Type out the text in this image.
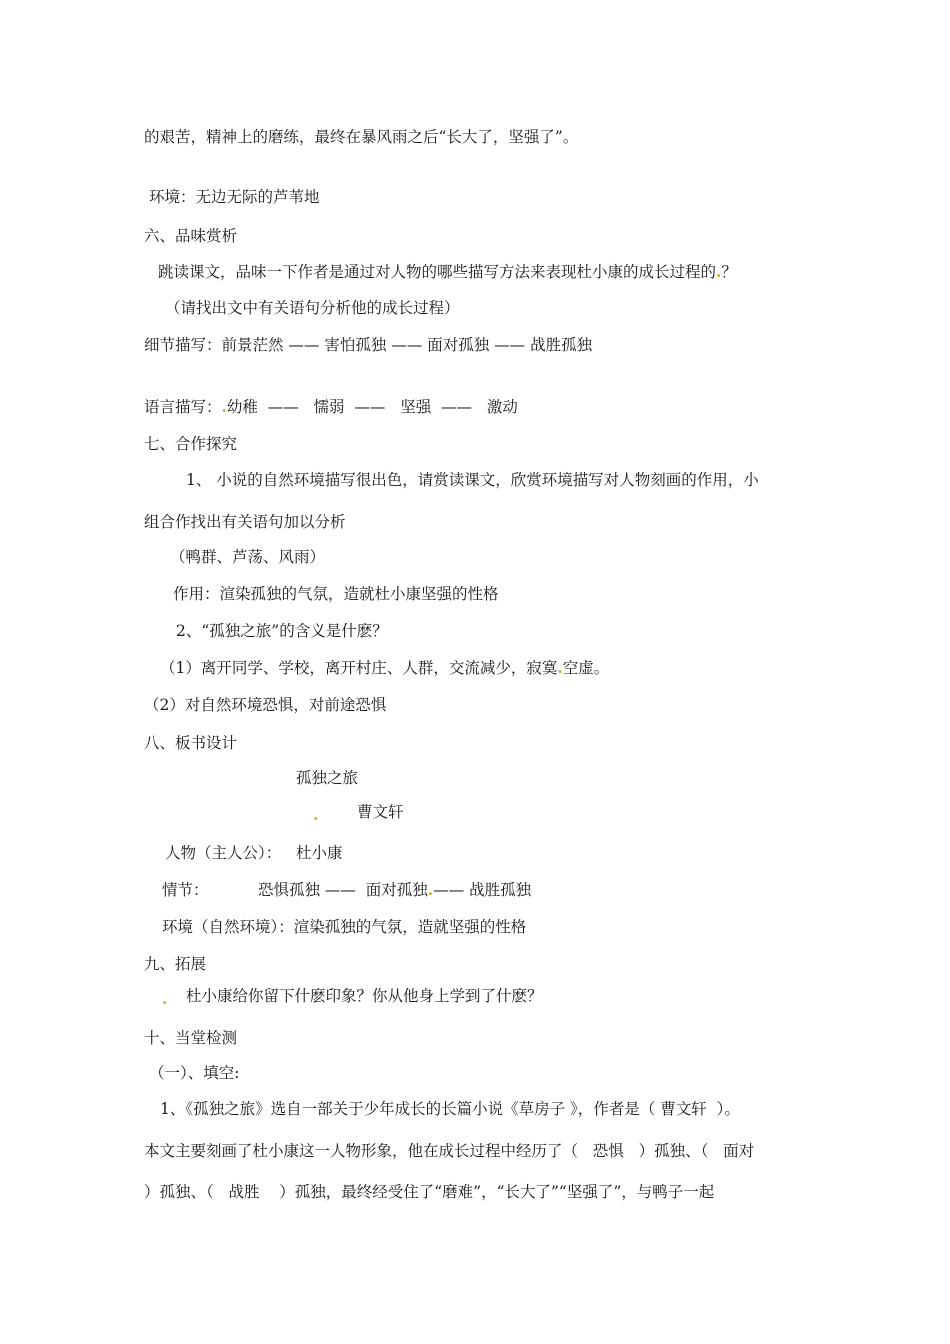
的艰苦，精神上的磨练，最终在暴风雨之后“长大了，坚强了”。
环境：无边无际的芦苇地
六、品味赏析
跳读课文，品味一下作者是通过对人物的哪些描写方法来表现杜小康的成长过程的.？
（请找出文中有关语句分析他的成长过程）
细节描写：前景茫然 —— 害怕孤独 —— 面对孤独 —— 战胜孤独
语言描写：.幼稚  ——   懦弱  ——   坚强  ——   激动
七、合作探究
1、 小说的自然环境描写很出色，请赏读课文，欣赏环境描写对人物刻画的作用，小
组合作找出有关语句加以分析
（鸭群、芦荡、风雨）
作用：渲染孤独的气氛，造就杜小康坚强的性格
2、“孤独之旅”的含义是什麽？
（1）离开同学、学校，离开村庄、人群，交流减少，寂寞.空虚。
（2）对自然环境恐惧，对前途恐惧
八、板书设计
孤独之旅
. 曹文轩
人物（主人公）：   杜小康
情节：	恐惧孤独 ——  面对孤独.—— 战胜孤独
环境（自然环境）：渲染孤独的气氛，造就坚强的性格
九、拓展
. 杜小康给你留下什麽印象？你从他身上学到了什麽？
十、当堂检测
（一）、填空:
1、《孤独之旅》选自一部关于少年成长的长篇小说《草房子 》，作者是（ 曹文轩  ）。
本文主要刻画了杜小康这一人物形象，他在成长过程中经历了（   恐惧   ）孤独、（   面对
）孤独、（   战胜    ）孤独，最终经受住了“磨难”，“长大了”“坚强了”，与鸭子一起
